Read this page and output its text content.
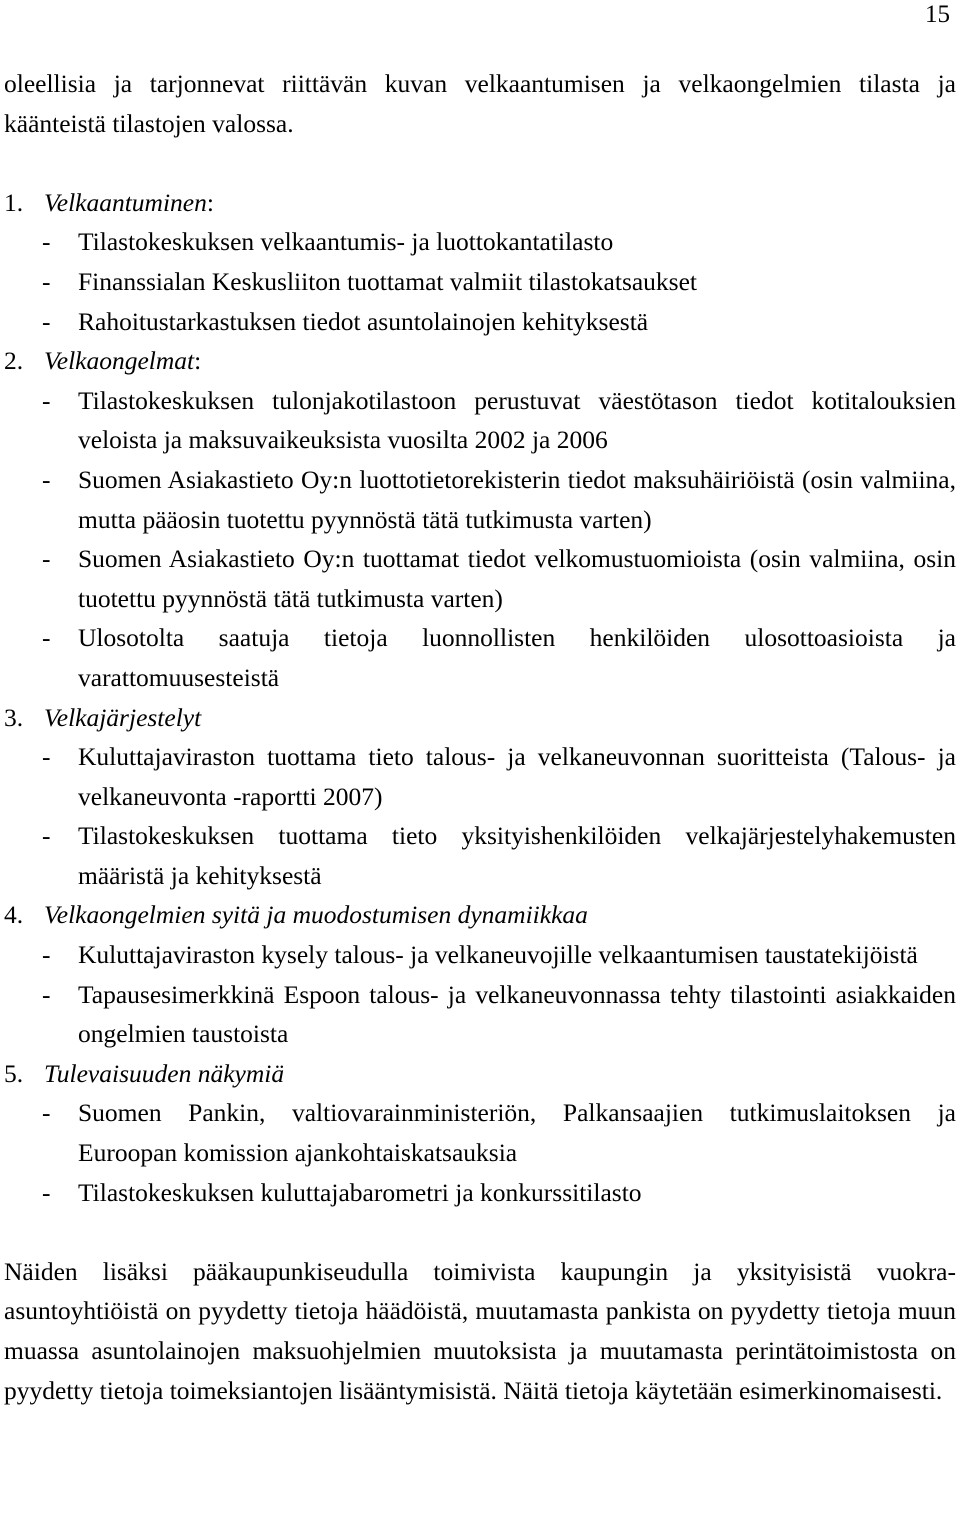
15

oleellisia ja tarjonnevat riittävän kuvan velkaantumisen ja velkaongelmien tilasta ja käänteistä tilastojen valossa.

1. Velkaantuminen:
- Tilastokeskuksen velkaantumis- ja luottokantatilasto
- Finanssialan Keskusliiton tuottamat valmiit tilastokatsaukset
- Rahoitustarkastuksen tiedot asuntolainojen kehityksestä
2. Velkaongelmat:
- Tilastokeskuksen tulonjakotilastoon perustuvat väestötason tiedot kotitalouksien veloista ja maksuvaikeuksista vuosilta 2002 ja 2006
- Suomen Asiakastieto Oy:n luottotietorekisterin tiedot maksuhäiriöistä (osin valmiina, mutta pääosin tuotettu pyynnöstä tätä tutkimusta varten)
- Suomen Asiakastieto Oy:n tuottamat tiedot velkomustuomioista (osin valmiina, osin tuotettu pyynnöstä tätä tutkimusta varten)
- Ulosotolta saatuja tietoja luonnollisten henkilöiden ulosottoasioista ja varattomuusesteistä
3. Velkajärjestelyt
- Kuluttajaviraston tuottama tieto talous- ja velkaneuvonnan suoritteista (Talous- ja velkaneuvonta -raportti 2007)
- Tilastokeskuksen tuottama tieto yksityishenkilöiden velkajärjestelyhakemusten määristä ja kehityksestä
4. Velkaongelmien syitä ja muodostumisen dynamiikkaa
- Kuluttajaviraston kysely talous- ja velkaneuvojille velkaantumisen taustatekijöistä
- Tapausesimerkkinä Espoon talous- ja velkaneuvonnassa tehty tilastointi asiakkaiden ongelmien taustoista
5. Tulevaisuuden näkymiä
- Suomen Pankin, valtiovarainministeriön, Palkansaajien tutkimuslaitoksen ja Euroopan komission ajankohtaiskatsauksia
- Tilastokeskuksen kuluttajabarometri ja konkurssitilasto

Näiden lisäksi pääkaupunkiseudulla toimivista kaupungin ja yksityisistä vuokra-asuntoyhtiöistä on pyydetty tietoja häädöistä, muutamasta pankista on pyydetty tietoja muun muassa asuntolainojen maksuohjelmien muutoksista ja muutamasta perintätoimistosta on pyydetty tietoja toimeksiantojen lisääntymisistä. Näitä tietoja käytetään esimerkinomaisesti.
